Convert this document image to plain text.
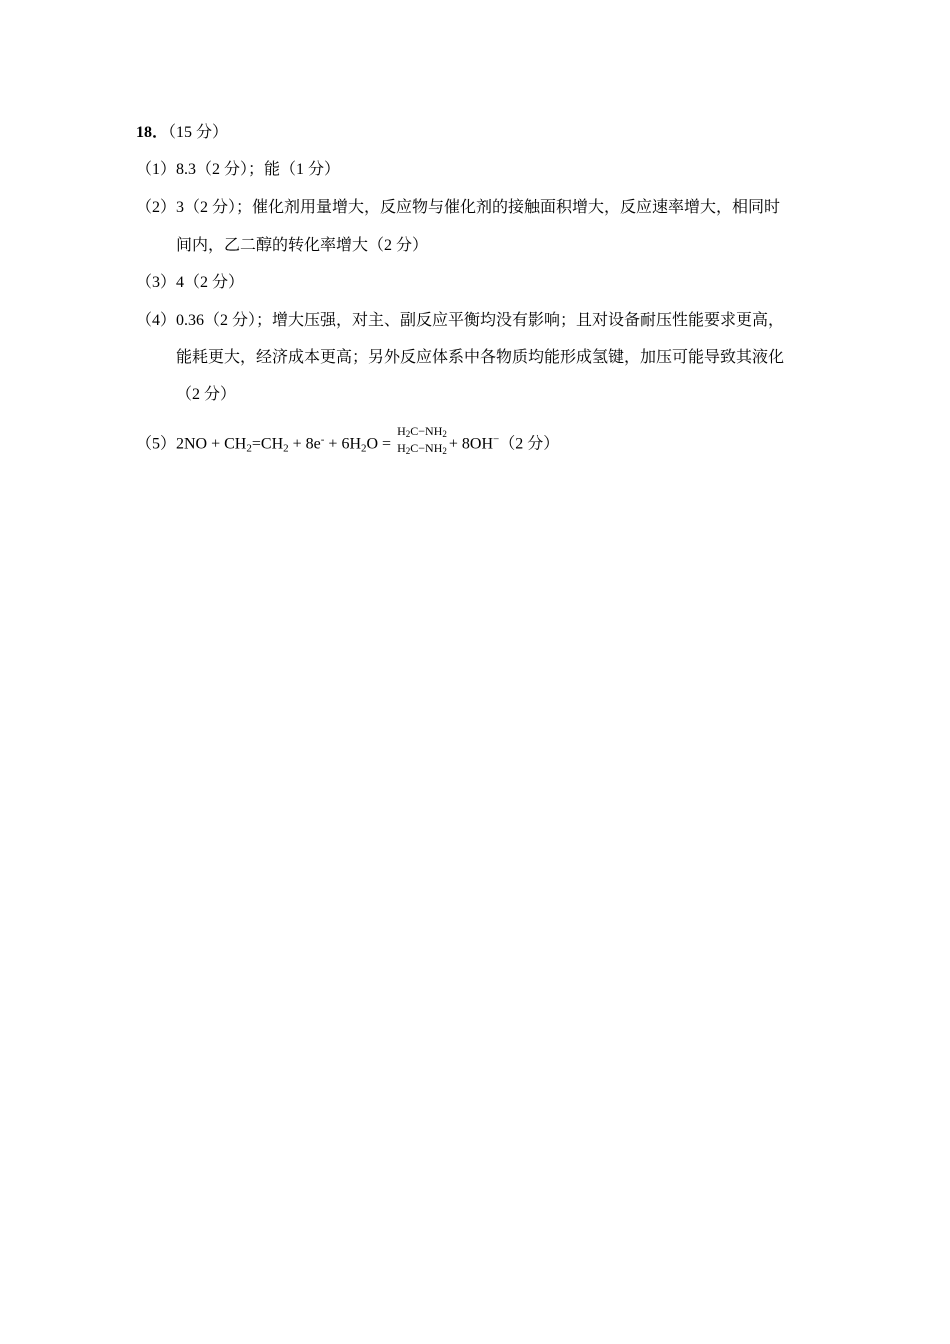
18．（15 分）
（1）8.3（2 分）；能（1 分）
（2）3（2 分）；催化剂用量增大，反应物与催化剂的接触面积增大，反应速率增大，相同时
间内，乙二醇的转化率增大（2 分）
（3）4（2 分）
（4）0.36（2 分）；增大压强，对主、副反应平衡均没有影响；且对设备耐压性能要求更高，
能耗更大，经济成本更高；另外反应体系中各物质均能形成氢键，加压可能导致其液化
（2 分）
$(5)2NO + CH_2=CH_2 + 8e^- + 6H_2O$ =
H2C−NH2
H2C−NH2 + 8OH−（2 分）
